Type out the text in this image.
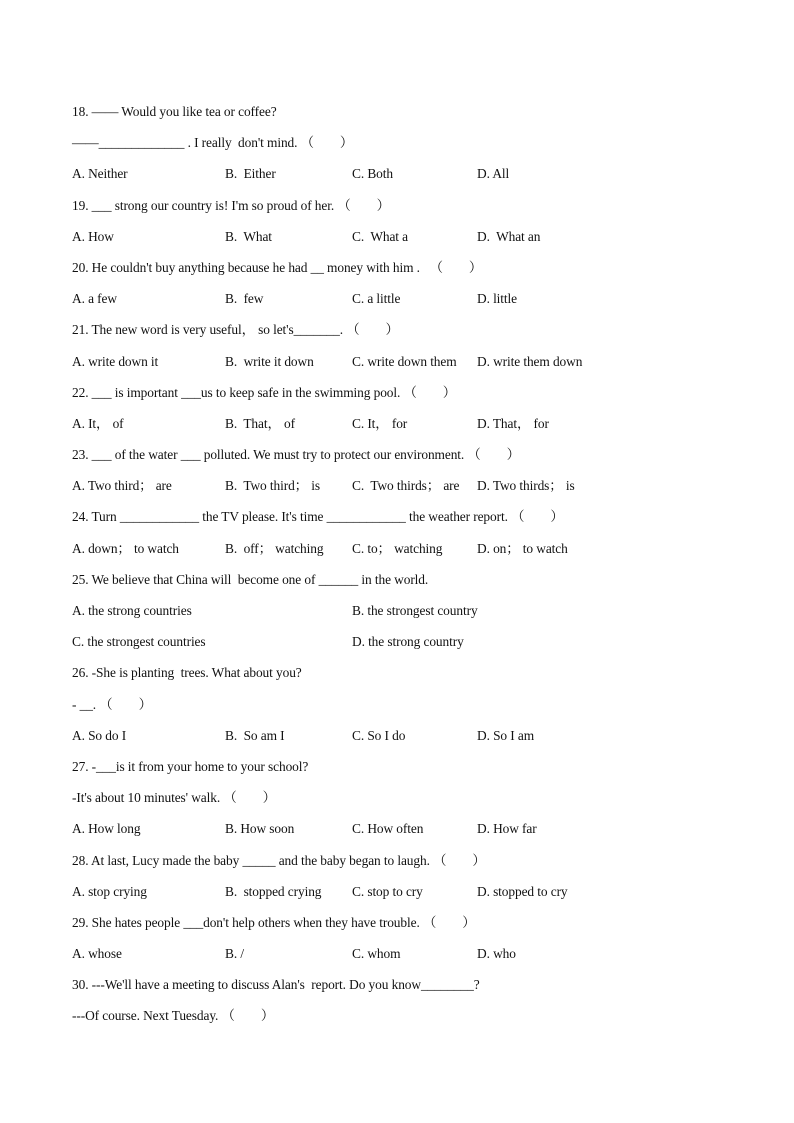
18. —— Would you like tea or coffee?
——_____________ . I really  don't mind. （        ）
A. Neither	B.  Either	C. Both	D. All
19. ___ strong our country is! I'm so proud of her. （        ）
A. How	B.  What	C.  What a	D.  What an
20. He couldn't buy anything because he had __ money with him .   （        ）
A. a few	B.  few	C. a little	D. little
21. The new word is very useful， so let's_______. （        ）
A. write down it	B.  write it down	C. write down them D. write them down
22. ___ is important ___us to keep safe in the swimming pool. （        ）
A. It， of	B.  That， of	C. It， for	D. That， for
23. ___ of the water ___ polluted. We must try to protect our environment. （        ）
A. Two third； are	B.  Two third； is C.  Two thirds； are D. Two thirds； is
24. Turn ____________ the TV please. It's time ____________ the weather report. （        ）
A. down； to watch	B.  off； watching C. to； watching	D. on； to watch
25. We believe that China will  become one of ______ in the world.
A. the strong countries	B. the strongest country
C. the strongest countries	D. the strong country
26. -She is planting  trees. What about you?
- __. （        ）
A. So do I	B.  So am I	C. So I do	D. So I am
27. -___is it from your home to your school?
-It's about 10 minutes' walk. （        ）
A. How long	B. How soon	C. How often	D. How far
28. At last, Lucy made the baby _____ and the baby began to laugh. （        ）
A. stop crying	B.  stopped crying C. stop to cry	D. stopped to cry
29. She hates people ___don't help others when they have trouble. （        ）
A. whose	B. /	C. whom	D. who
30. ---We'll have a meeting to discuss Alan's  report. Do you know________?
---Of course. Next Tuesday. （        ）
